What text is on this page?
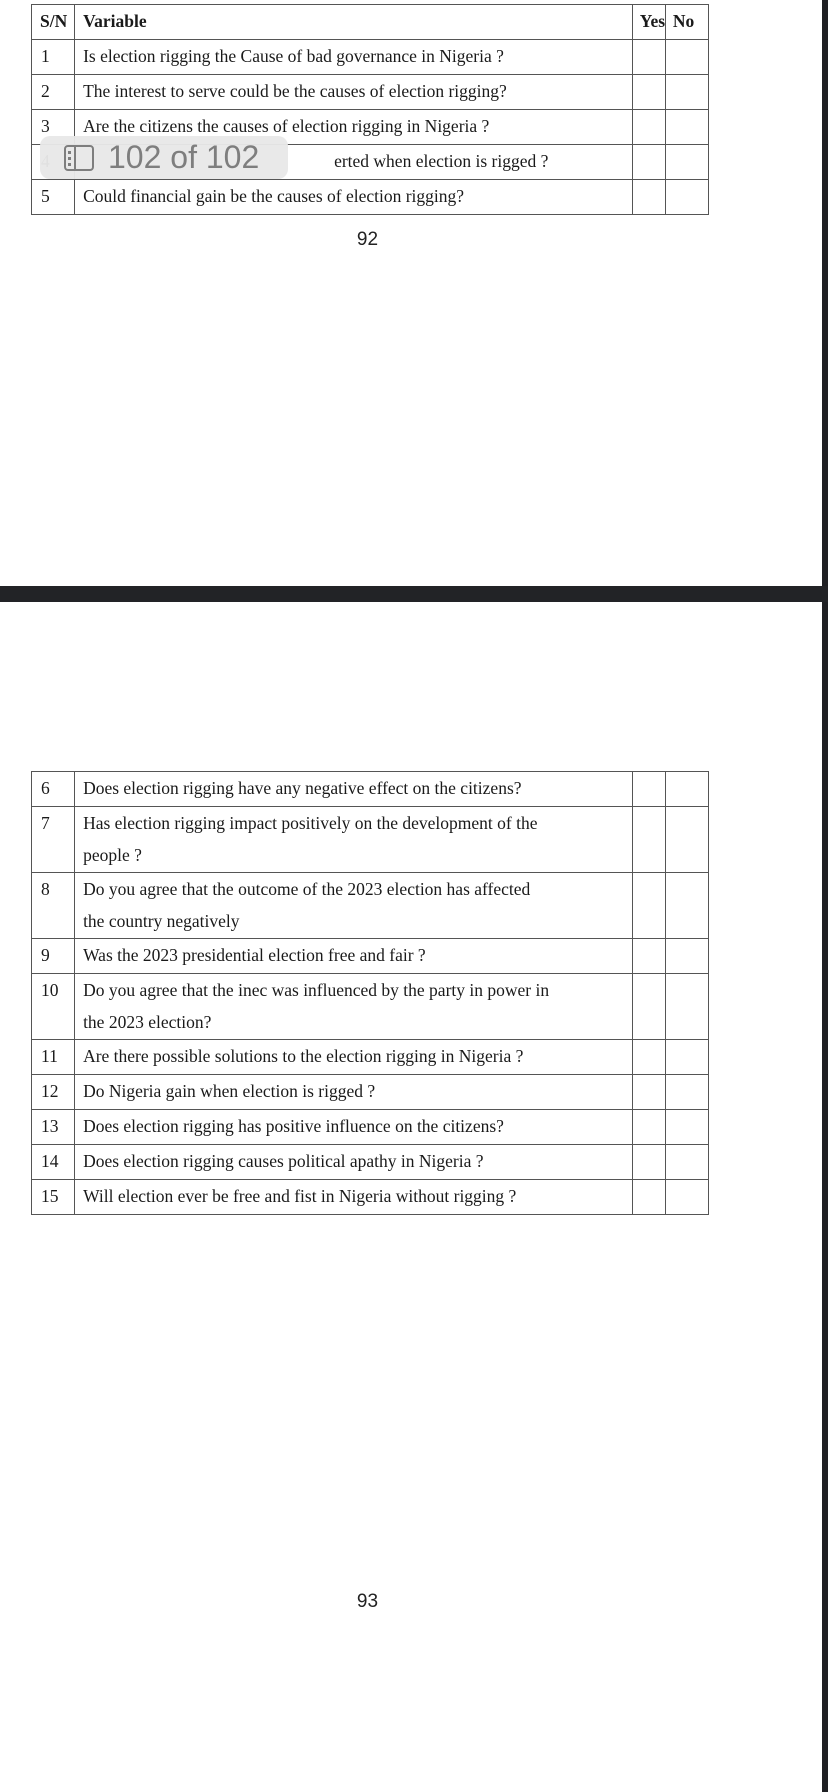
S/N	Variable	Yes	No
1	Is election rigging the Cause of bad governance in Nigeria ?		
2	The interest to serve could be the causes of election rigging?		
3	Are the citizens the causes of election rigging in Nigeria ?		
	erted when election is rigged ?		
5	Could financial gain be the causes of election rigging?		
92
102 of 102
93
6	Does election rigging have any negative effect on the citizens?		
7	Has election rigging impact positively on the development of the
people ?		

8	Do you agree that the outcome of the 2023 election has affected
the country negatively		

9	Was the 2023 presidential election free and fair ?		
10	Do you agree that the inec was influenced by the party in power in
the 2023 election?		

11	Are there possible solutions to the election rigging in Nigeria ?		
12	Do Nigeria gain when election is rigged ?		
13	Does election rigging has positive influence on the citizens?		
14	Does election rigging causes political apathy in Nigeria ?		
15	Will election ever be free and fist in Nigeria without rigging ?		
